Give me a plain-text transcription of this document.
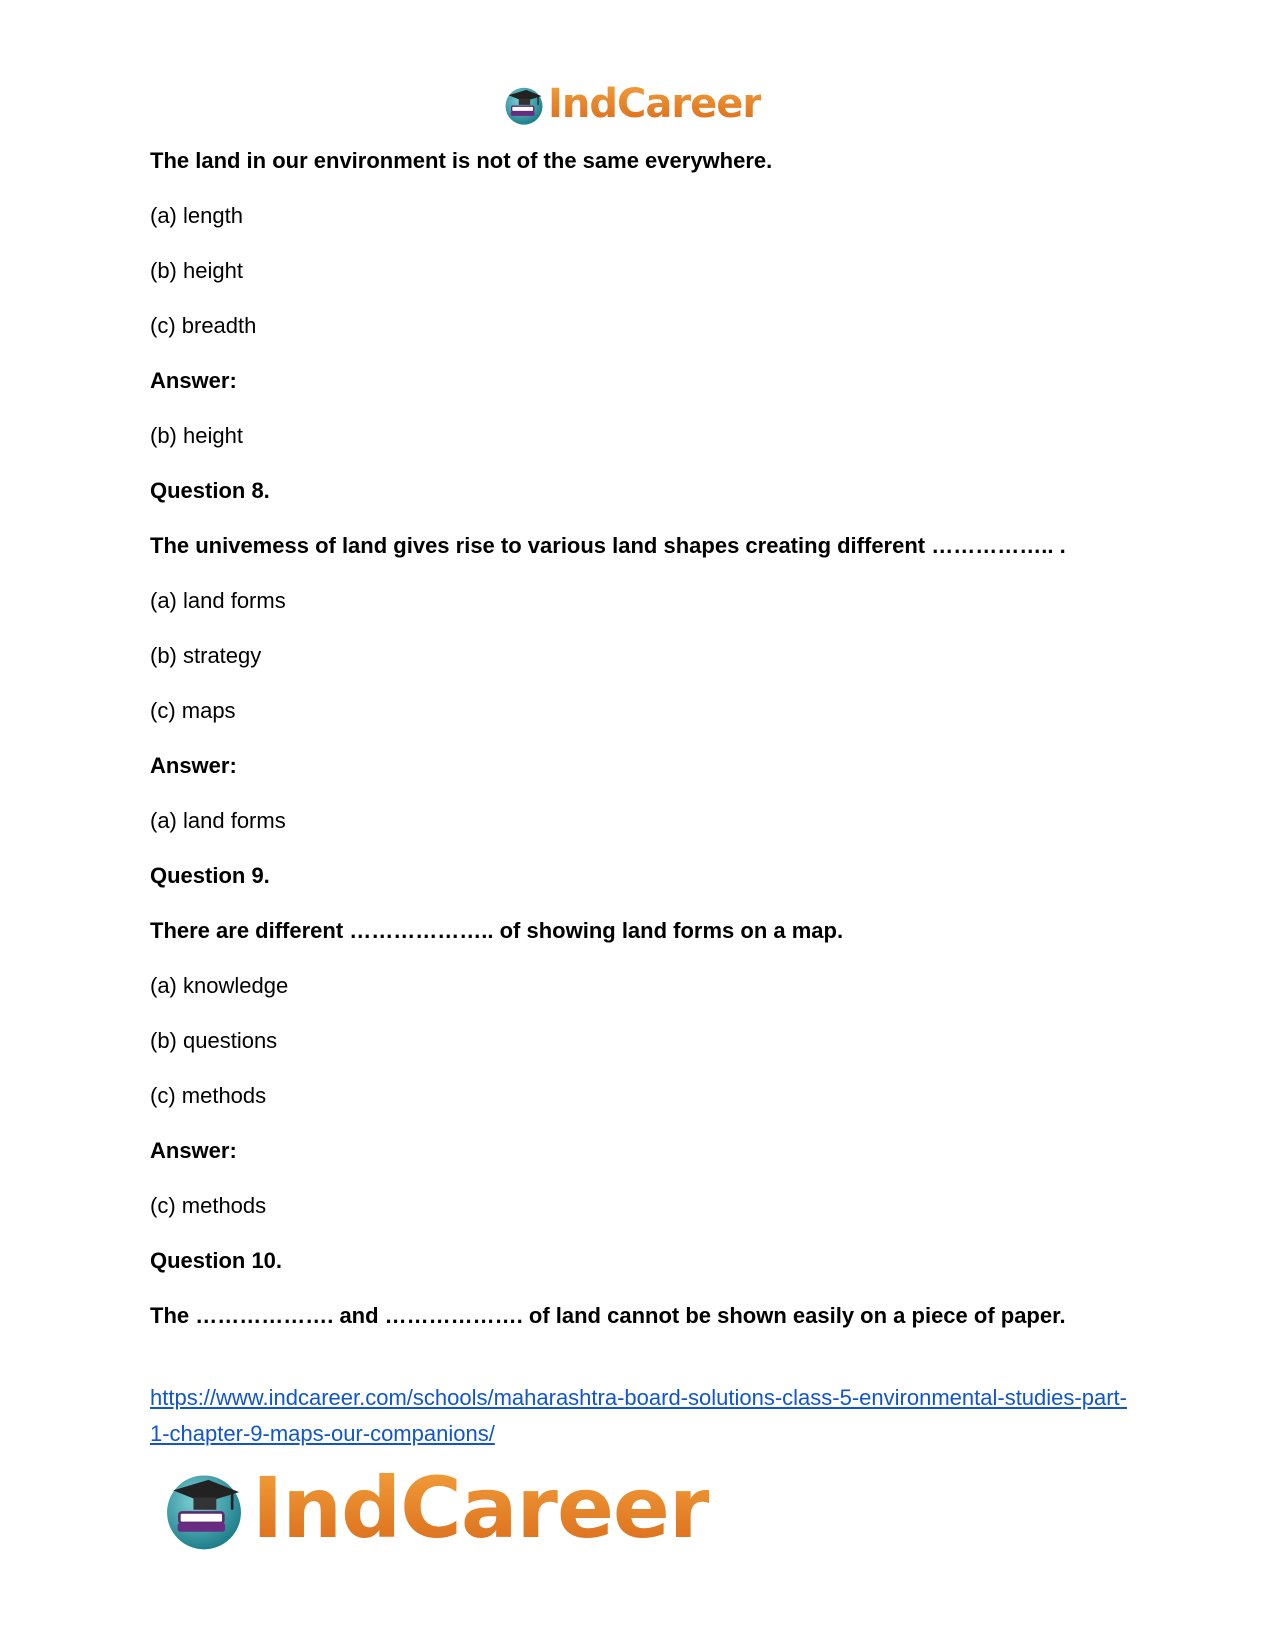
IndCareer
The land in our environment is not of the same everywhere.
(a) length
(b) height
(c) breadth
Answer:
(b) height
Question 8.
The univemess of land gives rise to various land shapes creating different …………….. .
(a) land forms
(b) strategy
(c) maps
Answer:
(a) land forms
Question 9.
There are different ……………….. of showing land forms on a map.
(a) knowledge
(b) questions
(c) methods
Answer:
(c) methods
Question 10.
The ………………. and ………………. of land cannot be shown easily on a piece of paper.
https://www.indcareer.com/schools/maharashtra-board-solutions-class-5-environmental-studies-part-1-chapter-9-maps-our-companions/
IndCareer
